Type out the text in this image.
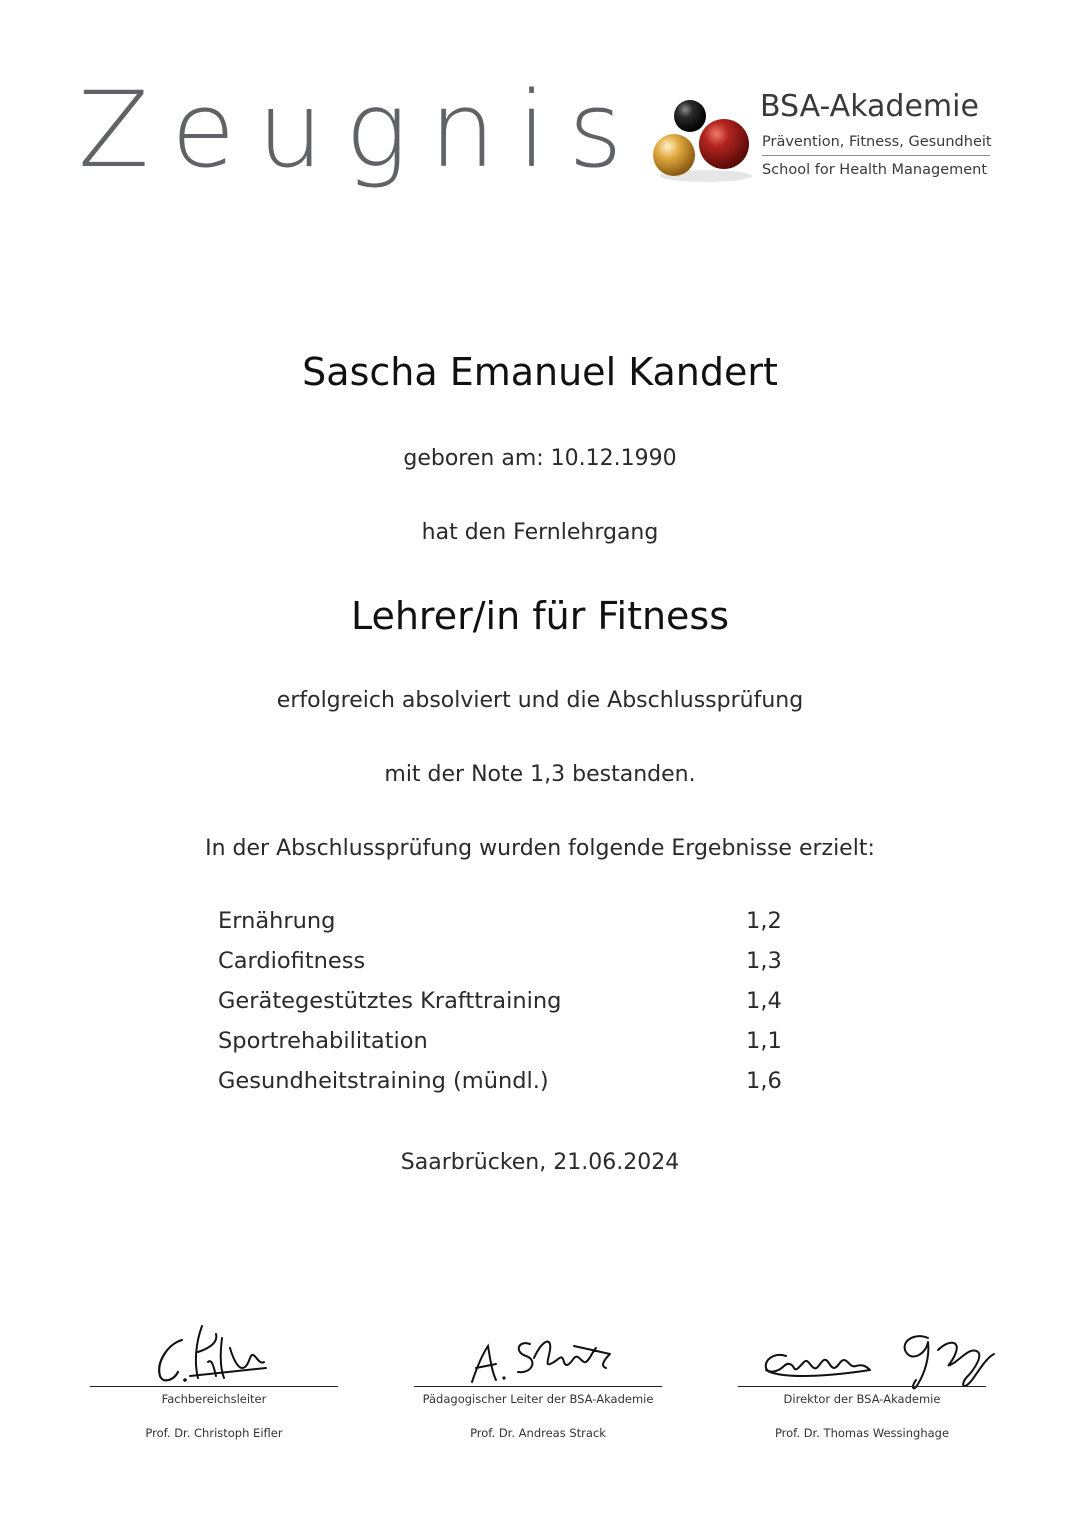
Zeugnis	BSA-Akademie
Prävention, Fitness, Gesundheit
School for Health Management
Sascha Emanuel Kandert
geboren am: 10.12.1990
hat den Fernlehrgang
Lehrer/in für Fitness
erfolgreich absolviert und die Abschlussprüfung
mit der Note 1,3 bestanden.
In der Abschlussprüfung wurden folgende Ergebnisse erzielt:
Ernährung	1,2
Cardiofitness	1,3
Gerätegestütztes Krafttraining	1,4
Sportrehabilitation	1,1
Gesundheitstraining (mündl.)	1,6
Saarbrücken, 21.06.2024
Fachbereichsleiter
Prof. Dr. Christoph Eifler
Pädagogischer Leiter der BSA-Akademie
Prof. Dr. Andreas Strack
Direktor der BSA-Akademie
Prof. Dr. Thomas Wessinghage
